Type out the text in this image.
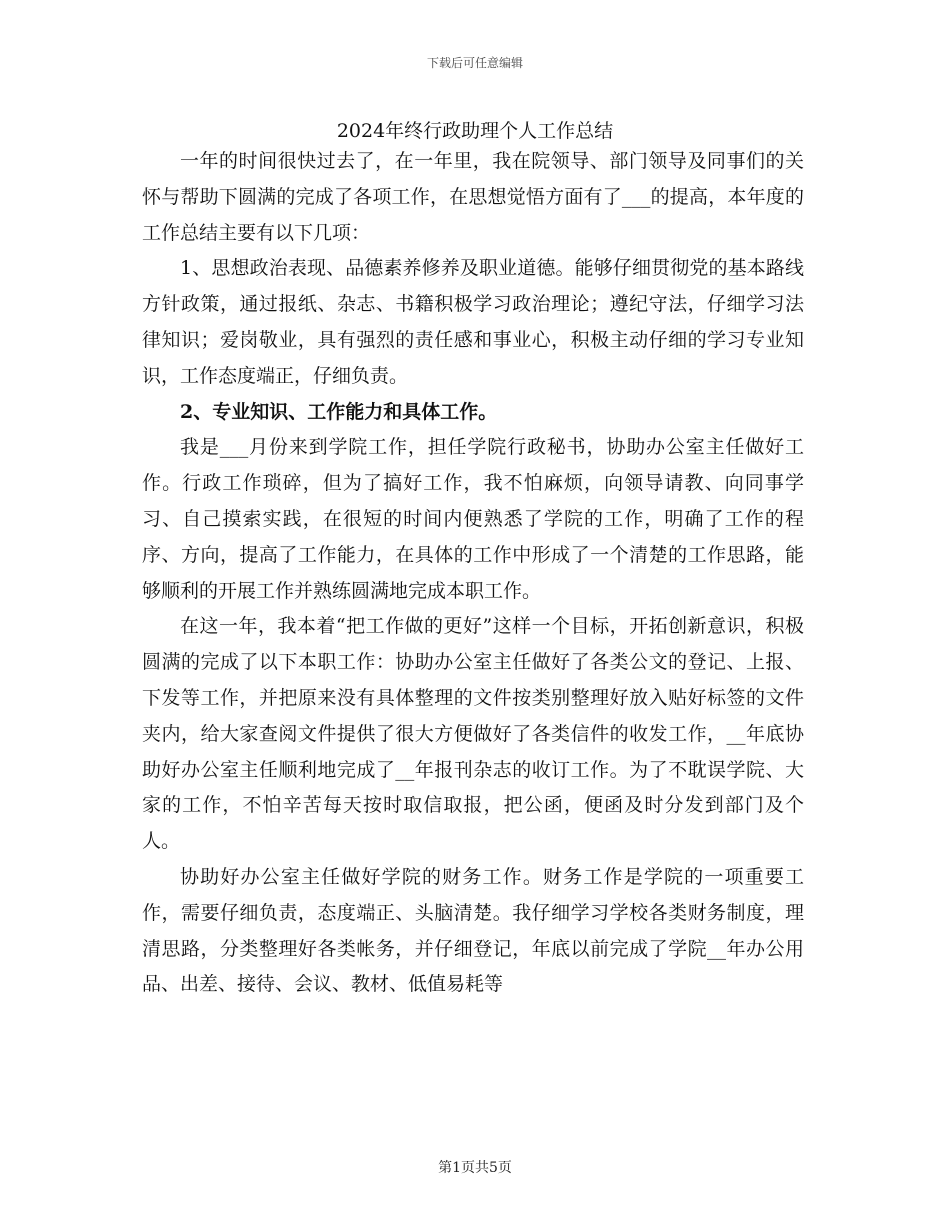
下载后可任意编辑
2024年终行政助理个人工作总结

一年的时间很快过去了，在一年里，我在院领导、部门领导及同事们的关怀与帮助下圆满的完成了各项工作，在思想觉悟方面有了___的提高，本年度的工作总结主要有以下几项：

1、思想政治表现、品德素养修养及职业道德。能够仔细贯彻党的基本路线方针政策，通过报纸、杂志、书籍积极学习政治理论；遵纪守法，仔细学习法律知识；爱岗敬业，具有强烈的责任感和事业心，积极主动仔细的学习专业知识，工作态度端正，仔细负责。

2、专业知识、工作能力和具体工作。

我是___月份来到学院工作，担任学院行政秘书，协助办公室主任做好工作。行政工作琐碎，但为了搞好工作，我不怕麻烦，向领导请教、向同事学习、自己摸索实践，在很短的时间内便熟悉了学院的工作，明确了工作的程序、方向，提高了工作能力，在具体的工作中形成了一个清楚的工作思路，能够顺利的开展工作并熟练圆满地完成本职工作。

在这一年，我本着“把工作做的更好”这样一个目标，开拓创新意识，积极圆满的完成了以下本职工作：协助办公室主任做好了各类公文的登记、上报、下发等工作，并把原来没有具体整理的文件按类别整理好放入贴好标签的文件夹内，给大家查阅文件提供了很大方便做好了各类信件的收发工作，__年底协助好办公室主任顺利地完成了__年报刊杂志的收订工作。为了不耽误学院、大家的工作，不怕辛苦每天按时取信取报，把公函，便函及时分发到部门及个人。

协助好办公室主任做好学院的财务工作。财务工作是学院的一项重要工作，需要仔细负责，态度端正、头脑清楚。我仔细学习学校各类财务制度，理清思路，分类整理好各类帐务，并仔细登记，年底以前完成了学院__年办公用品、出差、接待、会议、教材、低值易耗等

第1页共5页
